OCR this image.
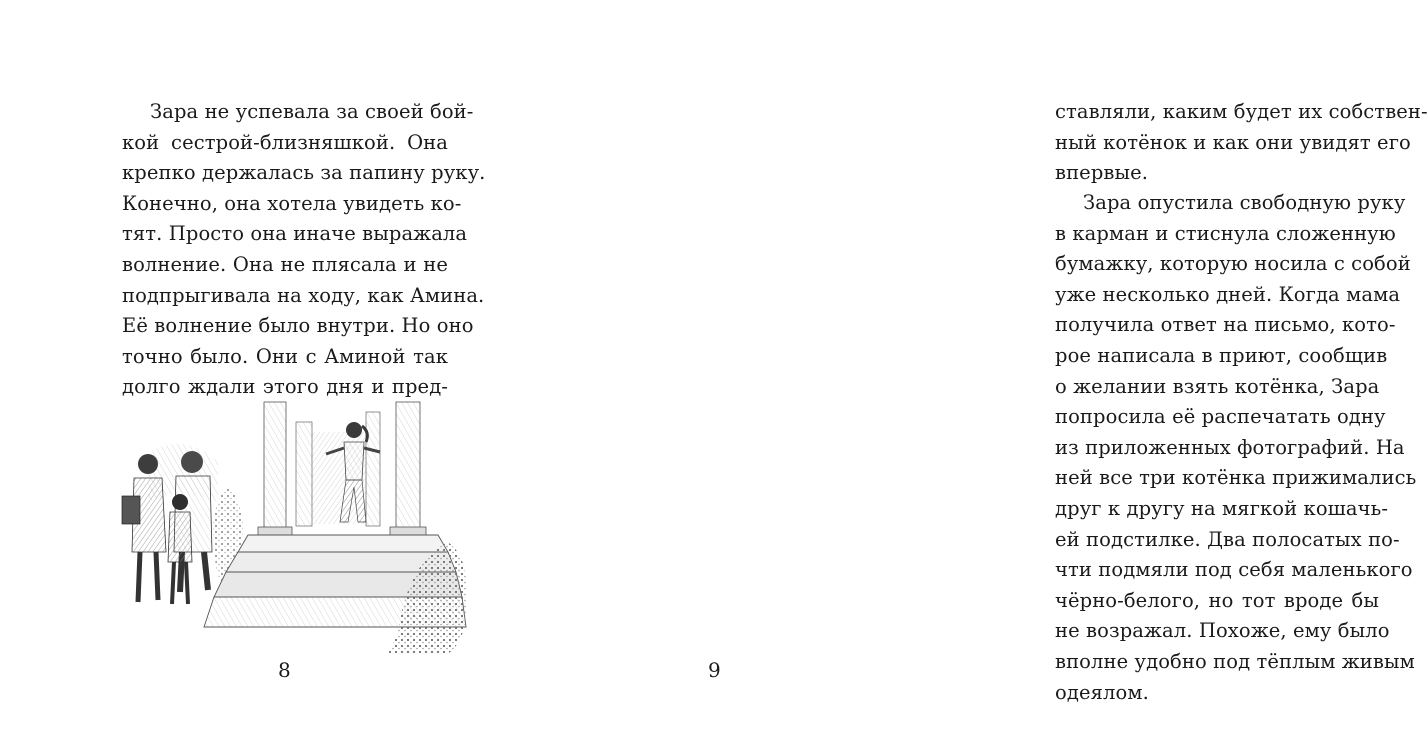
Зара не успевала за своей бой-
кой сестрой-близняшкой. Она
крепко держалась за папину руку.
Конечно, она хотела увидеть ко-
тят. Просто она иначе выражала
волнение. Она не плясала и не
подпрыгивала на ходу, как Амина.
Её волнение было внутри. Но оно
точно было. Они с Аминой так
долго ждали этого дня и пред-
8
ставляли, каким будет их собствен-
ный котёнок и как они увидят его
впервые.
Зара опустила свободную руку
в карман и стиснула сложенную
бумажку, которую носила с собой
уже несколько дней. Когда мама
получила ответ на письмо, кото-
рое написала в приют, сообщив
о желании взять котёнка, Зара
попросила её распечатать одну
из приложенных фотографий. На
ней все три котёнка прижимались
друг к другу на мягкой кошачь-
ей подстилке. Два полосатых по-
чти подмяли под себя маленького
чёрно-белого, но тот вроде бы
не возражал. Похоже, ему было
вполне удобно под тёплым живым
одеялом.
9
